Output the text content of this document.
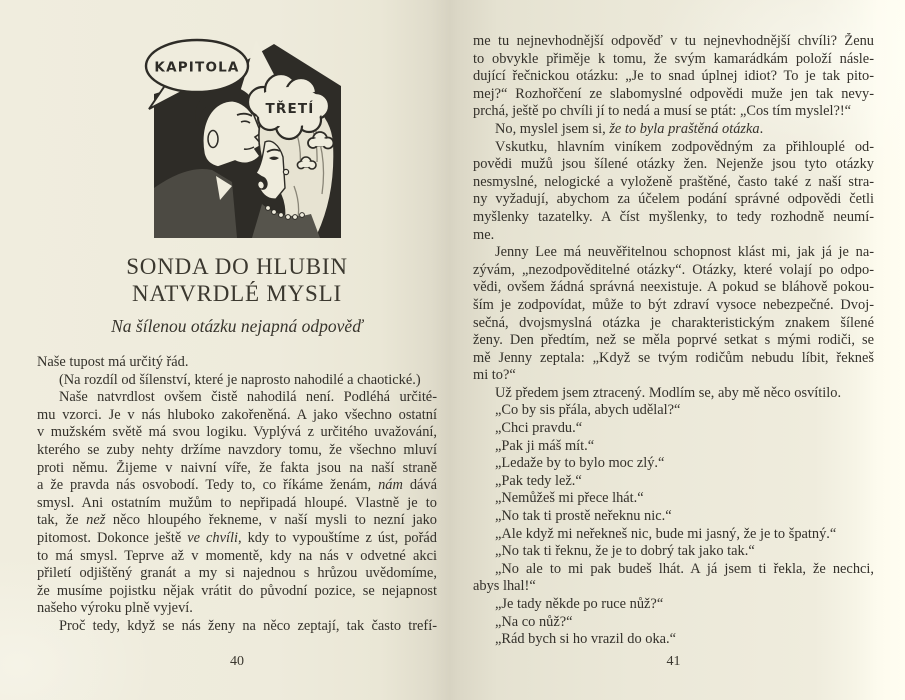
KAPITOLA
TŘETÍ
SONDA DO HLUBIN
NATVRDLÉ MYSLI
Na šílenou otázku nejapná odpověď
Naše tupost má určitý řád.
(Na rozdíl od šílenství, které je naprosto nahodilé a chaotické.)
Naše natvrdlost ovšem čistě nahodilá není. Podléhá určité-
mu vzorci. Je v nás hluboko zakořeněná. A jako všechno ostatní
v mužském světě má svou logiku. Vyplývá z určitého uvažování,
kterého se zuby nehty držíme navzdory tomu, že všechno mluví
proti němu. Žijeme v naivní víře, že fakta jsou na naší straně
a že pravda nás osvobodí. Tedy to, co říkáme ženám, nám dává
smysl. Ani ostatním mužům to nepřipadá hloupé. Vlastně je to
tak, že než něco hloupého řekneme, v naší mysli to nezní jako
pitomost. Dokonce ještě ve chvíli, kdy to vypouštíme z úst, pořád
to má smysl. Teprve až v momentě, kdy na nás v odvetné akci
přiletí odjištěný granát a my si najednou s hrůzou uvědomíme,
že musíme pojistku nějak vrátit do původní pozice, se nejapnost
našeho výroku plně vyjeví.
Proč tedy, když se nás ženy na něco zeptají, tak často trefí-
40
me tu nejnevhodnější odpověď v tu nejnevhodnější chvíli? Ženu
to obvykle přiměje k tomu, že svým kamarádkám položí násle-
dující řečnickou otázku: „Je to snad úplnej idiot? To je tak pito-
mej?“ Rozhořčení ze slabomyslné odpovědi muže jen tak nevy-
prchá, ještě po chvíli jí to nedá a musí se ptát: „Cos tím myslel?!“
No, myslel jsem si, že to byla praštěná otázka.
Vskutku, hlavním viníkem zodpovědným za přihlouplé od-
povědi mužů jsou šílené otázky žen. Nejenže jsou tyto otázky
nesmyslné, nelogické a vyloženě praštěné, často také z naší stra-
ny vyžadují, abychom za účelem podání správné odpovědi četli
myšlenky tazatelky. A číst myšlenky, to tedy rozhodně neumí-
me.
Jenny Lee má neuvěřitelnou schopnost klást mi, jak já je na-
zývám, „nezodpověditelné otázky“. Otázky, které volají po odpo-
vědi, ovšem žádná správná neexistuje. A pokud se bláhově pokou-
ším je zodpovídat, může to být zdraví vysoce nebezpečné. Dvoj-
sečná, dvojsmyslná otázka je charakteristickým znakem šílené
ženy. Den předtím, než se měla poprvé setkat s mými rodiči, se
mě Jenny zeptala: „Když se tvým rodičům nebudu líbit, řekneš
mi to?“
Už předem jsem ztracený. Modlím se, aby mě něco osvítilo.
„Co by sis přála, abych udělal?“
„Chci pravdu.“
„Pak ji máš mít.“
„Ledaže by to bylo moc zlý.“
„Pak tedy lež.“
„Nemůžeš mi přece lhát.“
„No tak ti prostě neřeknu nic.“
„Ale když mi neřekneš nic, bude mi jasný, že je to špatný.“
„No tak ti řeknu, že je to dobrý tak jako tak.“
„No ale to mi pak budeš lhát. A já jsem ti řekla, že nechci,
abys lhal!“
„Je tady někde po ruce nůž?“
„Na co nůž?“
„Rád bych si ho vrazil do oka.“
41
